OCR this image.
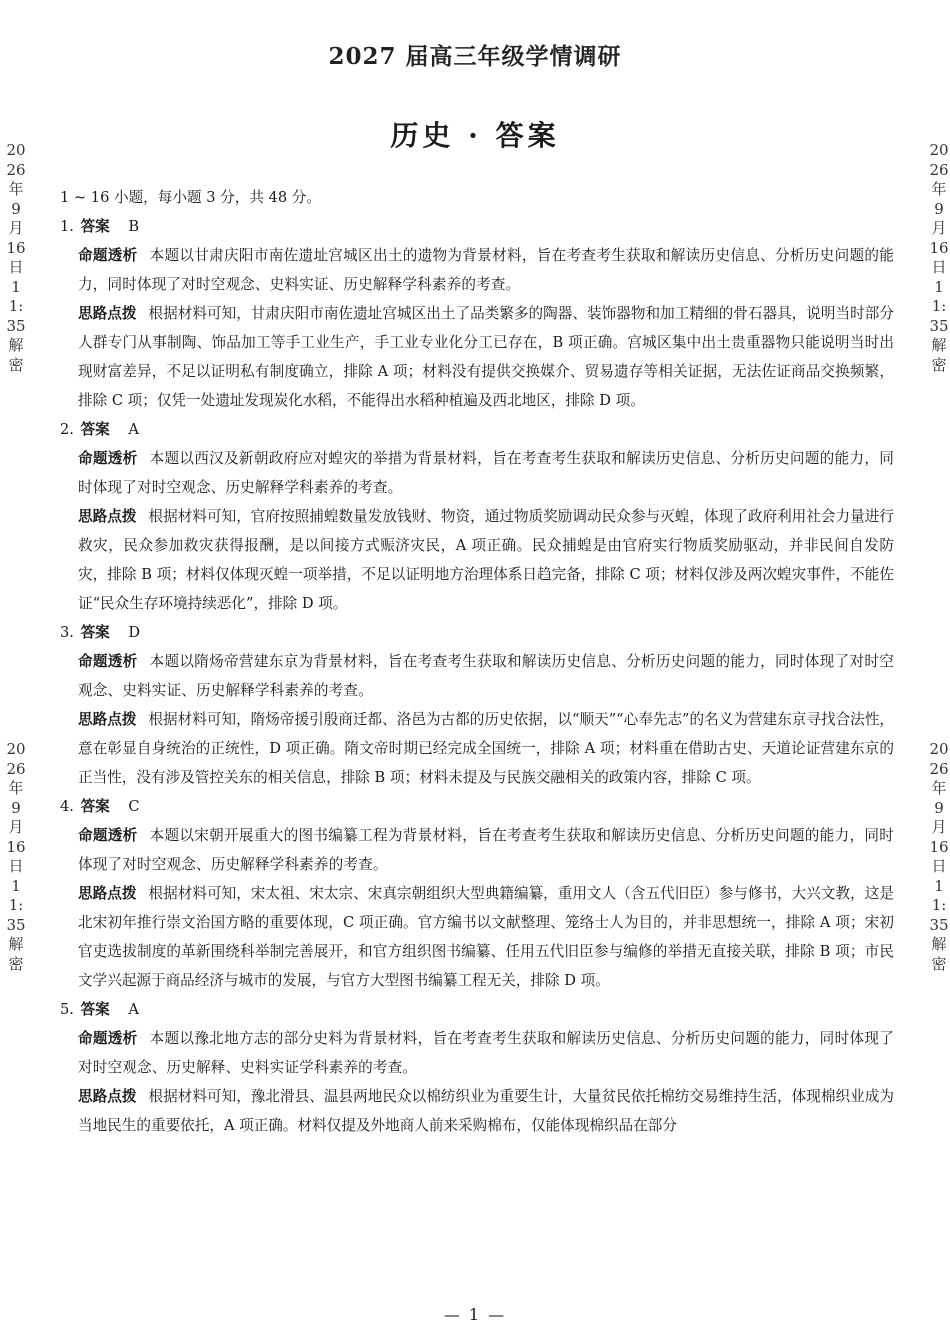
2027 届高三年级学情调研
历史 · 答案
2026年9月16日11:35解密
2026年9月16日11:35解密
2026年9月16日11:35解密
2026年9月16日11:35解密

1 ~ 16 小题，每小题 3 分，共 48 分。

1. 答案 B

命题透析 本题以甘肃庆阳市南佐遗址宫城区出土的遗物为背景材料，旨在考查考生获取和解读历史信息、分析历史问题的能力，同时体现了对时空观念、史料实证、历史解释学科素养的考查。

思路点拨 根据材料可知，甘肃庆阳市南佐遗址宫城区出土了品类繁多的陶器、装饰器物和加工精细的骨石器具，说明当时部分人群专门从事制陶、饰品加工等手工业生产，手工业专业化分工已存在，B 项正确。宫城区集中出土贵重器物只能说明当时出现财富差异，不足以证明私有制度确立，排除 A 项；材料没有提供交换媒介、贸易遗存等相关证据，无法佐证商品交换频繁，排除 C 项；仅凭一处遗址发现炭化水稻，不能得出水稻种植遍及西北地区，排除 D 项。

2. 答案 A

命题透析 本题以西汉及新朝政府应对蝗灾的举措为背景材料，旨在考查考生获取和解读历史信息、分析历史问题的能力，同时体现了对时空观念、历史解释学科素养的考查。

思路点拨 根据材料可知，官府按照捕蝗数量发放钱财、物资，通过物质奖励调动民众参与灭蝗，体现了政府利用社会力量进行救灾，民众参加救灾获得报酬，是以间接方式赈济灾民，A 项正确。民众捕蝗是由官府实行物质奖励驱动，并非民间自发防灾，排除 B 项；材料仅体现灭蝗一项举措，不足以证明地方治理体系日趋完备，排除 C 项；材料仅涉及两次蝗灾事件，不能佐证“民众生存环境持续恶化”，排除 D 项。

3. 答案 D

命题透析 本题以隋炀帝营建东京为背景材料，旨在考查考生获取和解读历史信息、分析历史问题的能力，同时体现了对时空观念、史料实证、历史解释学科素养的考查。

思路点拨 根据材料可知，隋炀帝援引殷商迁都、洛邑为古都的历史依据，以“顺天”“心奉先志”的名义为营建东京寻找合法性，意在彰显自身统治的正统性，D 项正确。隋文帝时期已经完成全国统一，排除 A 项；材料重在借助古史、天道论证营建东京的正当性，没有涉及管控关东的相关信息，排除 B 项；材料未提及与民族交融相关的政策内容，排除 C 项。

4. 答案 C

命题透析 本题以宋朝开展重大的图书编纂工程为背景材料，旨在考查考生获取和解读历史信息、分析历史问题的能力，同时体现了对时空观念、历史解释学科素养的考查。

思路点拨 根据材料可知，宋太祖、宋太宗、宋真宗朝组织大型典籍编纂，重用文人（含五代旧臣）参与修书，大兴文教，这是北宋初年推行崇文治国方略的重要体现，C 项正确。官方编书以文献整理、笼络士人为目的，并非思想统一，排除 A 项；宋初官吏选拔制度的革新围绕科举制完善展开，和官方组织图书编纂、任用五代旧臣参与编修的举措无直接关联，排除 B 项；市民文学兴起源于商品经济与城市的发展，与官方大型图书编纂工程无关，排除 D 项。

5. 答案 A

命题透析 本题以豫北地方志的部分史料为背景材料，旨在考查考生获取和解读历史信息、分析历史问题的能力，同时体现了对时空观念、历史解释、史料实证学科素养的考查。

思路点拨 根据材料可知，豫北滑县、温县两地民众以棉纺织业为重要生计，大量贫民依托棉纺交易维持生活，体现棉织业成为当地民生的重要依托，A 项正确。材料仅提及外地商人前来采购棉布，仅能体现棉织品在部分

— 1 —
